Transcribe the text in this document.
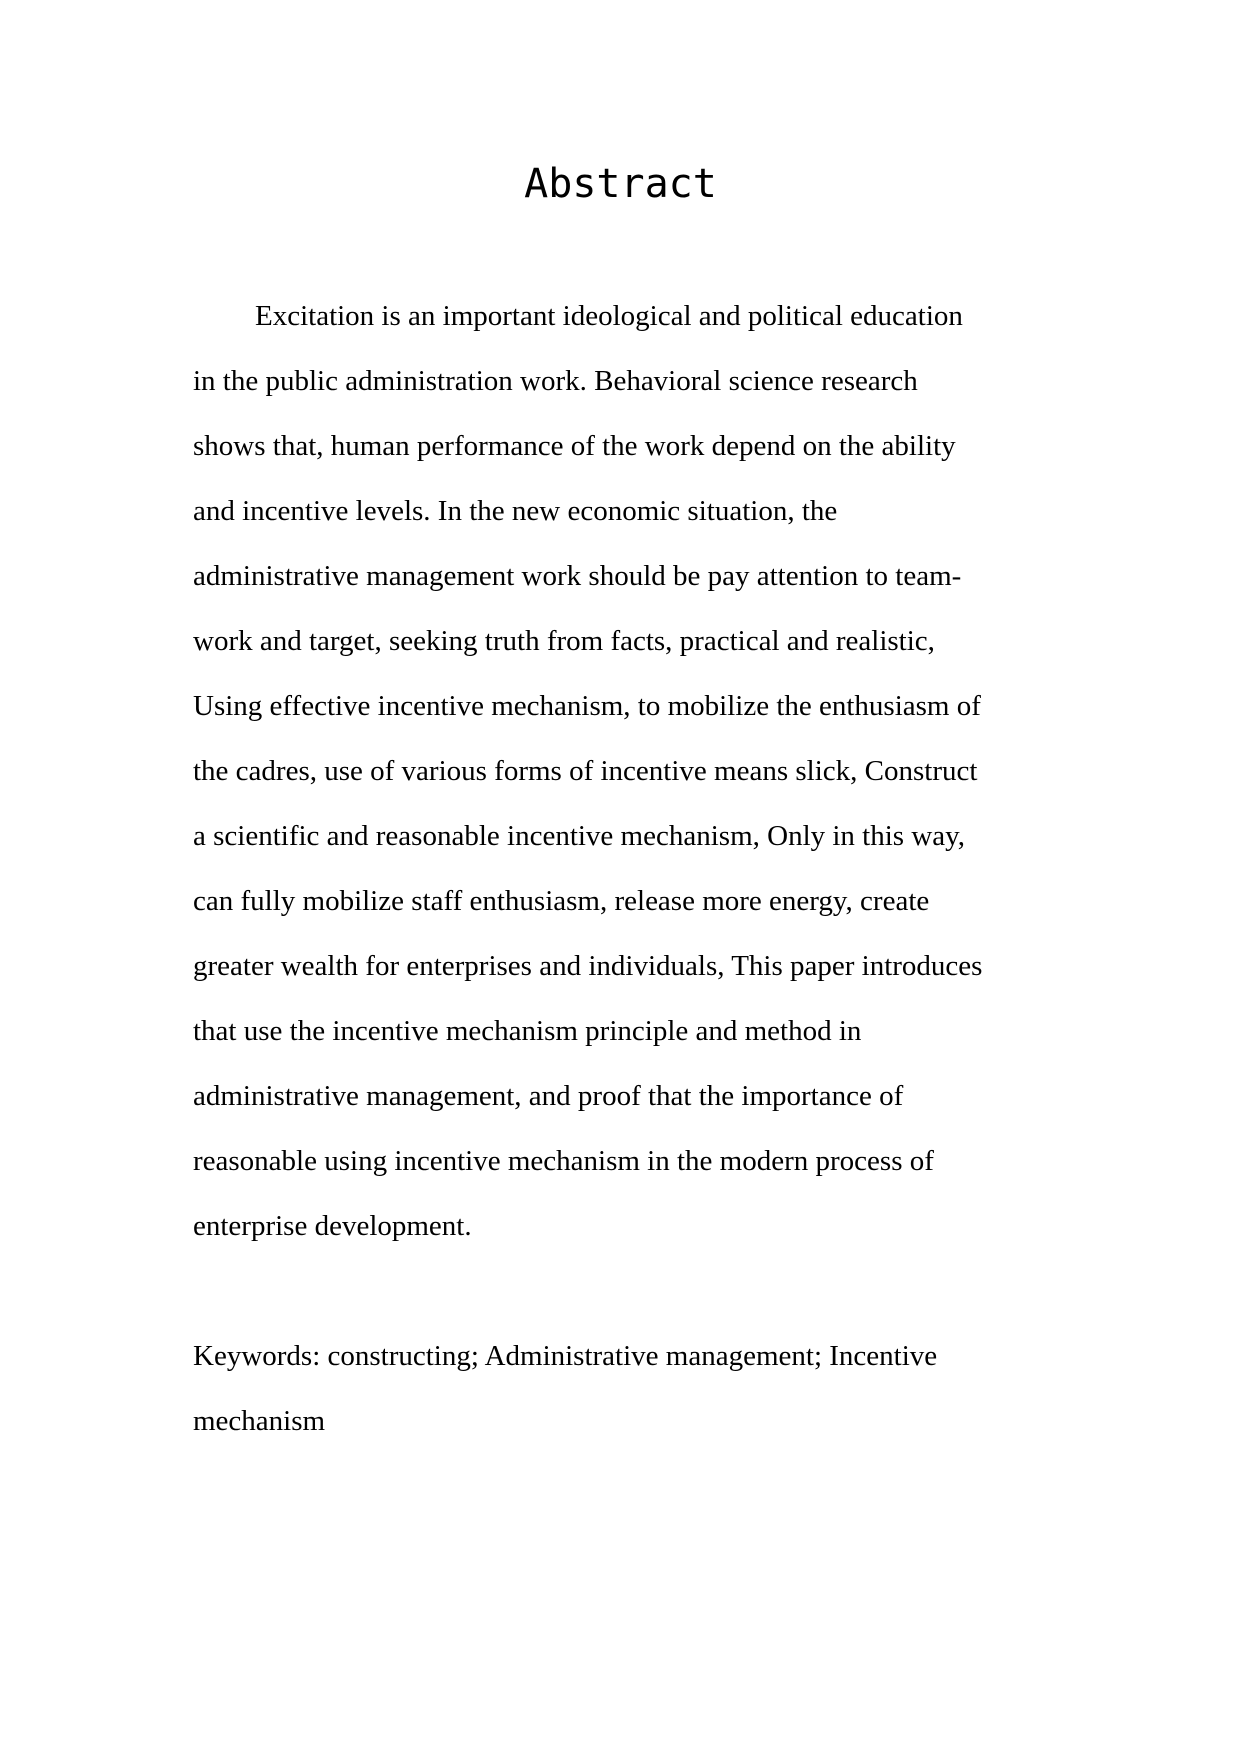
Abstract
Excitation is an important ideological and political education
in the public administration work. Behavioral science research
shows that, human performance of the work depend on the ability
and incentive levels. In the new economic situation, the
administrative management work should be pay attention to team-
work and target, seeking truth from facts, practical and realistic,
Using effective incentive mechanism, to mobilize the enthusiasm of
the cadres, use of various forms of incentive means slick, Construct
a scientific and reasonable incentive mechanism, Only in this way,
can fully mobilize staff enthusiasm, release more energy, create
greater wealth for enterprises and individuals, This paper introduces
that use the incentive mechanism principle and method in
administrative management, and proof that the importance of
reasonable using incentive mechanism in the modern process of
enterprise development.
Keywords: constructing; Administrative management; Incentive
mechanism
